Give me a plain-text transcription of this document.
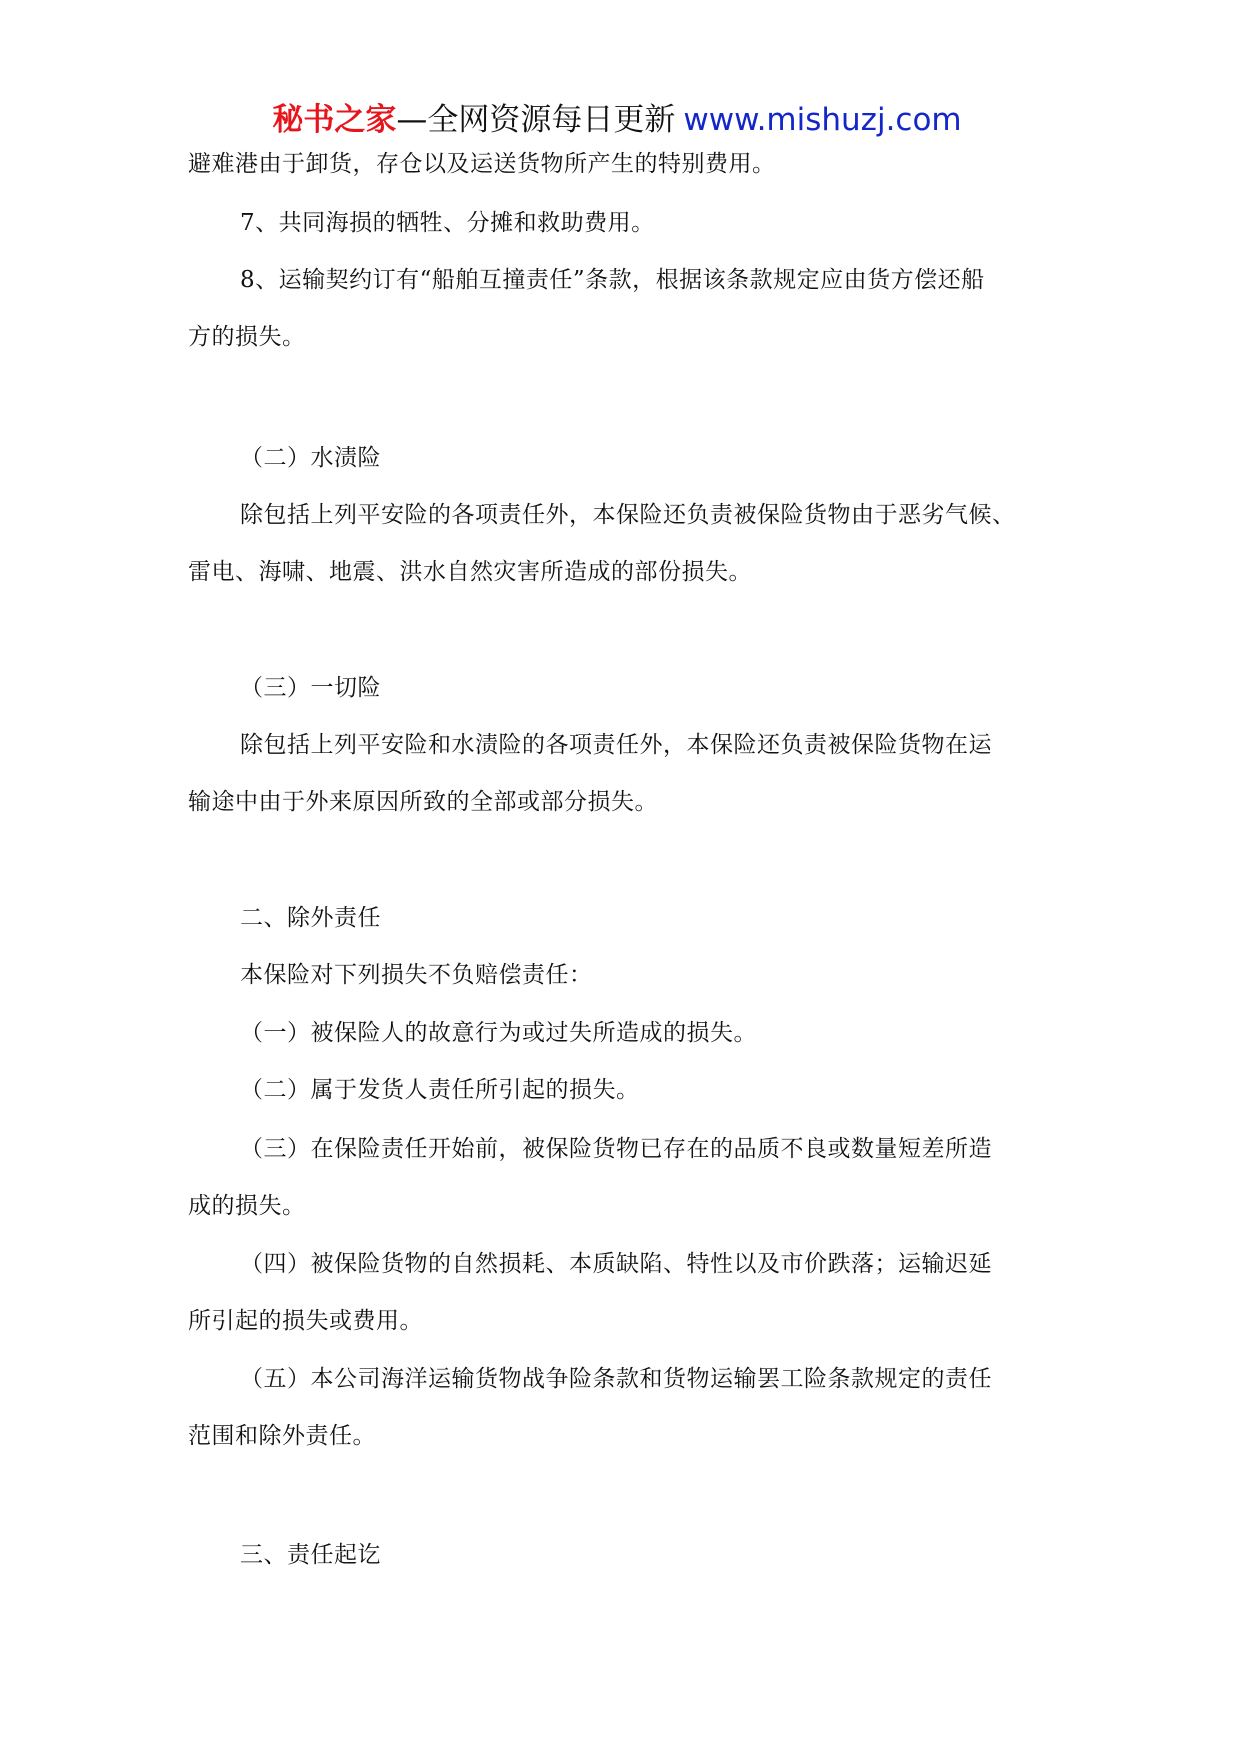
秘书之家—全网资源每日更新 www.mishuzj.com
避难港由于卸货，存仓以及运送货物所产生的特别费用。
7、共同海损的牺牲、分摊和救助费用。
8、运输契约订有“船舶互撞责任”条款，根据该条款规定应由货方偿还船
方的损失。
（二）水渍险
除包括上列平安险的各项责任外，本保险还负责被保险货物由于恶劣气候、
雷电、海啸、地震、洪水自然灾害所造成的部份损失。
（三）一切险
除包括上列平安险和水渍险的各项责任外，本保险还负责被保险货物在运
输途中由于外来原因所致的全部或部分损失。
二、除外责任
本保险对下列损失不负赔偿责任：
（一）被保险人的故意行为或过失所造成的损失。
（二）属于发货人责任所引起的损失。
（三）在保险责任开始前，被保险货物已存在的品质不良或数量短差所造
成的损失。
（四）被保险货物的自然损耗、本质缺陷、特性以及市价跌落；运输迟延
所引起的损失或费用。
（五）本公司海洋运输货物战争险条款和货物运输罢工险条款规定的责任
范围和除外责任。
三、责任起讫
